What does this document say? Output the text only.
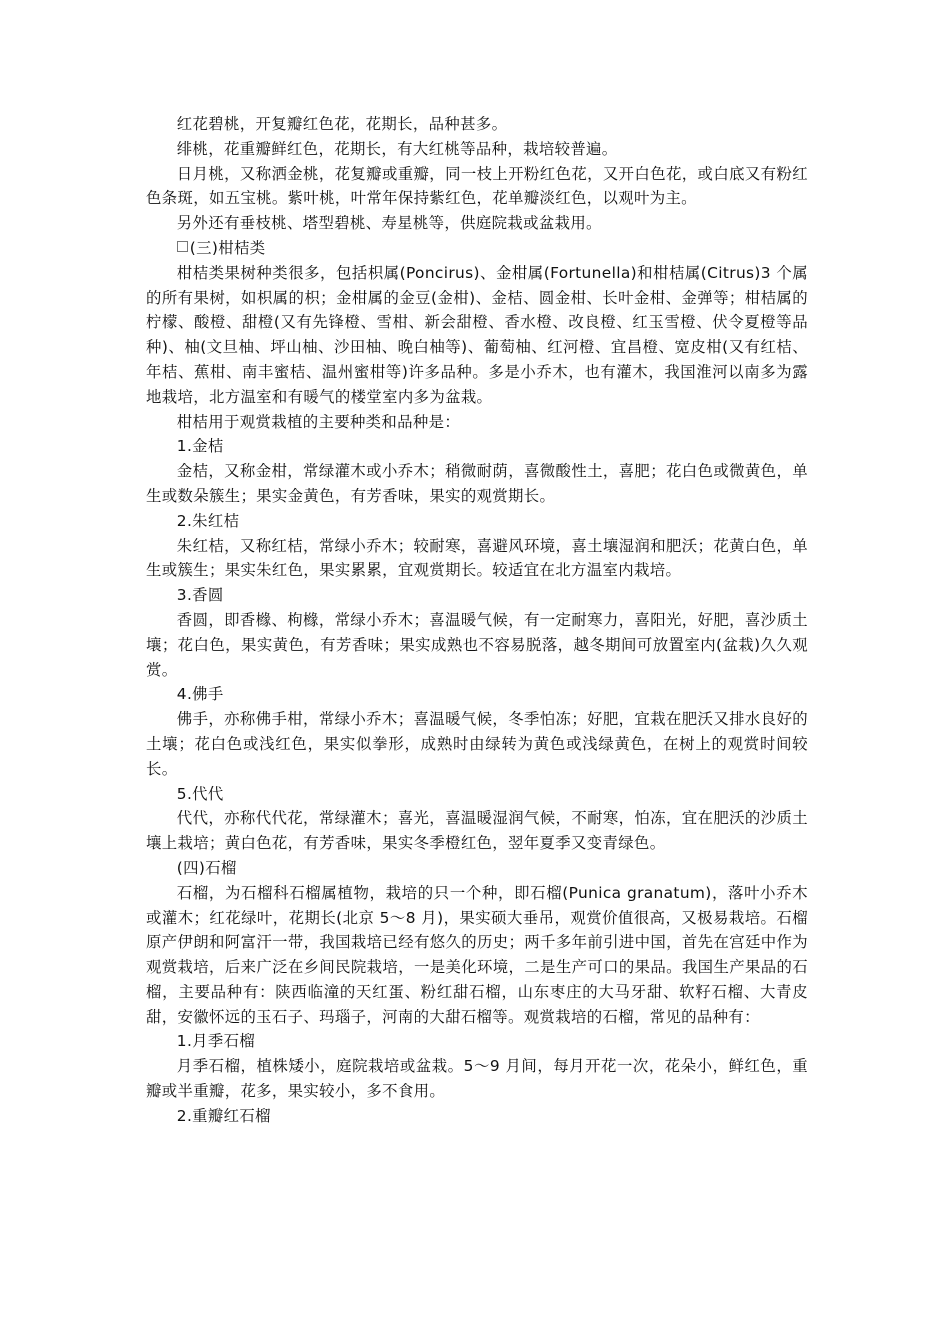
红花碧桃，开复瓣红色花，花期长，品种甚多。

绯桃，花重瓣鲜红色，花期长，有大红桃等品种，栽培较普遍。

日月桃，又称洒金桃，花复瓣或重瓣，同一枝上开粉红色花，又开白色花，或白底又有粉红色条斑，如五宝桃。紫叶桃，叶常年保持紫红色，花单瓣淡红色，以观叶为主。

另外还有垂枝桃、塔型碧桃、寿星桃等，供庭院栽或盆栽用。

(三)柑桔类

柑桔类果树种类很多，包括枳属(Poncirus)、金柑属(Fortunella)和柑桔属(Citrus)3 个属的所有果树，如枳属的枳；金柑属的金豆(金柑)、金桔、圆金柑、长叶金柑、金弹等；柑桔属的柠檬、酸橙、甜橙(又有先锋橙、雪柑、新会甜橙、香水橙、改良橙、红玉雪橙、伏令夏橙等品种)、柚(文旦柚、坪山柚、沙田柚、晚白柚等)、葡萄柚、红河橙、宜昌橙、宽皮柑(又有红桔、年桔、蕉柑、南丰蜜桔、温州蜜柑等)许多品种。多是小乔木，也有灌木，我国淮河以南多为露地栽培，北方温室和有暖气的楼堂室内多为盆栽。

柑桔用于观赏栽植的主要种类和品种是：

1.金桔

金桔，又称金柑，常绿灌木或小乔木；稍微耐荫，喜微酸性土，喜肥；花白色或微黄色，单生或数朵簇生；果实金黄色，有芳香味，果实的观赏期长。

2.朱红桔

朱红桔，又称红桔，常绿小乔木；较耐寒，喜避风环境，喜土壤湿润和肥沃；花黄白色，单生或簇生；果实朱红色，果实累累，宜观赏期长。较适宜在北方温室内栽培。

3.香圆

香圆，即香橼、枸橼，常绿小乔木；喜温暖气候，有一定耐寒力，喜阳光，好肥，喜沙质土壤；花白色，果实黄色，有芳香味；果实成熟也不容易脱落，越冬期间可放置室内(盆栽)久久观赏。

4.佛手

佛手，亦称佛手柑，常绿小乔木；喜温暖气候，冬季怕冻；好肥，宜栽在肥沃又排水良好的土壤；花白色或浅红色，果实似拳形，成熟时由绿转为黄色或浅绿黄色，在树上的观赏时间较长。

5.代代

代代，亦称代代花，常绿灌木；喜光，喜温暖湿润气候，不耐寒，怕冻，宜在肥沃的沙质土壤上栽培；黄白色花，有芳香味，果实冬季橙红色，翌年夏季又变青绿色。

(四)石榴

石榴，为石榴科石榴属植物，栽培的只一个种，即石榴(Punica granatum)，落叶小乔木或灌木；红花绿叶，花期长(北京 5～8 月)，果实硕大垂吊，观赏价值很高，又极易栽培。石榴原产伊朗和阿富汗一带，我国栽培已经有悠久的历史；两千多年前引进中国，首先在宫廷中作为观赏栽培，后来广泛在乡间民院栽培，一是美化环境，二是生产可口的果品。我国生产果品的石榴，主要品种有：陕西临潼的天红蛋、粉红甜石榴，山东枣庄的大马牙甜、软籽石榴、大青皮甜，安徽怀远的玉石子、玛瑙子，河南的大甜石榴等。观赏栽培的石榴，常见的品种有：

1.月季石榴

月季石榴，植株矮小，庭院栽培或盆栽。5～9 月间，每月开花一次，花朵小，鲜红色，重瓣或半重瓣，花多，果实较小，多不食用。

2.重瓣红石榴
